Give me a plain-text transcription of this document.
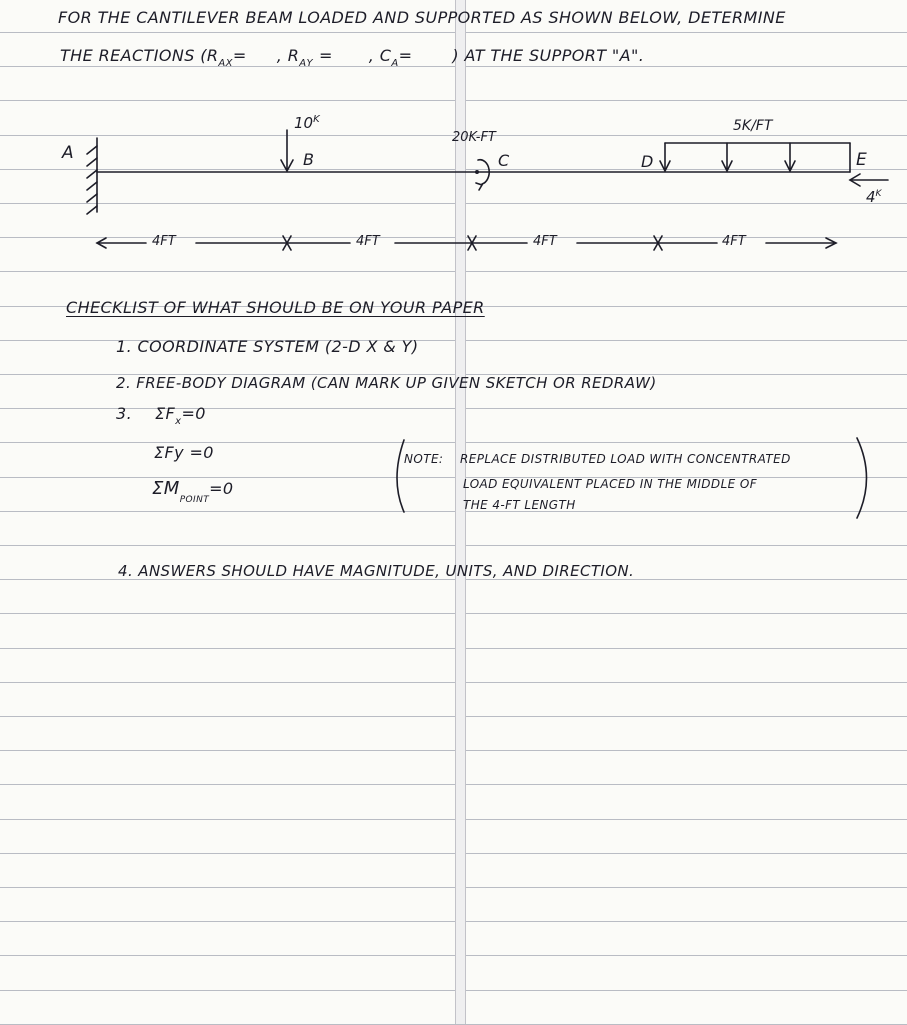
FOR THE CANTILEVER BEAM LOADED AND SUPPORTED AS SHOWN BELOW, DETERMINE
THE REACTIONS ($R_{AX}=$ , $R_{AY}$ = , $C_A=$	) AT THE SUPPORT "A".
A	B	C	D	E
$10^K$
20K-FT
5K/FT
$4^K$
4FT	4FT	4FT	4FT
CHECKLIST OF WHAT SHOULD BE ON YOUR PAPER
1. COORDINATE SYSTEM (2-D X & Y)
2. FREE-BODY DIAGRAM (CAN MARK UP GIVEN SKETCH OR REDRAW)
3. $\Sigma F_x=0$
ΣFy =0
$\Sigma M_{POINT}=0$
NOTE: REPLACE DISTRIBUTED LOAD WITH CONCENTRATED
LOAD EQUIVALENT PLACED IN THE MIDDLE OF
THE 4-FT LENGTH
4. ANSWERS SHOULD HAVE MAGNITUDE, UNITS, AND DIRECTION.
